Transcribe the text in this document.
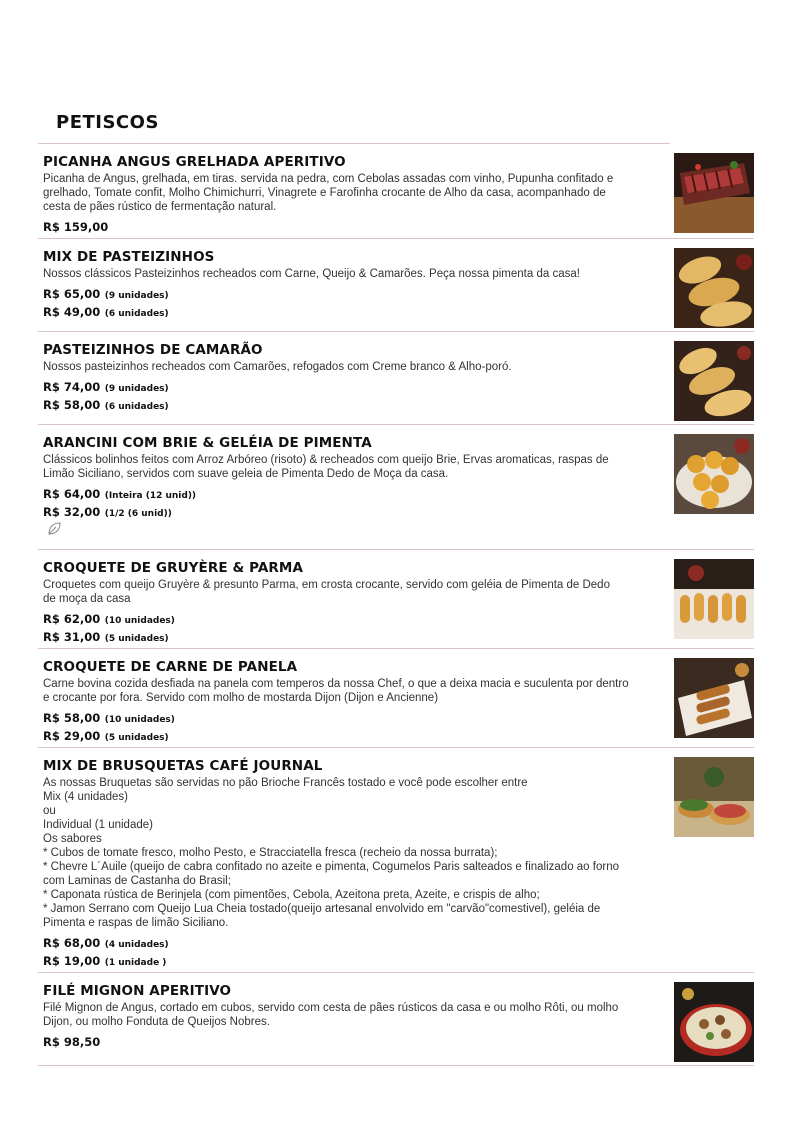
PETISCOS
PICANHA ANGUS GRELHADA APERITIVO
Picanha de Angus, grelhada, em tiras. servida na pedra, com Cebolas assadas com vinho, Pupunha confitado e
grelhado, Tomate confit, Molho Chimichurri, Vinagrete e Farofinha crocante de Alho da casa, acompanhado de
cesta de pães rústico de fermentação natural.
R$ 159,00
MIX DE PASTEIZINHOS
Nossos clássicos Pasteizinhos recheados com Carne, Queijo & Camarões. Peça nossa pimenta da casa!
R$ 65,00 (9 unidades)
R$ 49,00 (6 unidades)
PASTEIZINHOS DE CAMARÃO
Nossos pasteizinhos recheados com Camarões, refogados com Creme branco & Alho-poró.
R$ 74,00 (9 unidades)
R$ 58,00 (6 unidades)
ARANCINI COM BRIE & GELÉIA DE PIMENTA
Clássicos bolinhos feitos com Arroz Arbóreo (risoto) & recheados com queijo Brie, Ervas aromaticas, raspas de
Limão Siciliano, servidos com suave geleia de Pimenta Dedo de Moça da casa.
R$ 64,00 (Inteira (12 unid))
R$ 32,00 (1/2 (6 unid))
CROQUETE DE GRUYÈRE & PARMA
Croquetes com queijo Gruyère & presunto Parma, em crosta crocante, servido com geléia de Pimenta de Dedo
de moça da casa
R$ 62,00 (10 unidades)
R$ 31,00 (5 unidades)
CROQUETE DE CARNE DE PANELA
Carne bovina cozida desfiada na panela com temperos da nossa Chef, o que a deixa macia e suculenta por dentro
e crocante por fora. Servido com molho de mostarda Dijon (Dijon e Ancienne)
R$ 58,00 (10 unidades)
R$ 29,00 (5 unidades)
MIX DE BRUSQUETAS CAFÉ JOURNAL
As nossas Bruquetas são servidas no pão Brioche Francês tostado e você pode escolher entre
Mix (4 unidades)
ou
Individual (1 unidade)
Os sabores
* Cubos de tomate fresco, molho Pesto, e Stracciatella fresca (recheio da nossa burrata);
* Chevre L´Auile (queijo de cabra confitado no azeite e pimenta, Cogumelos Paris salteados e finalizado ao forno
com Laminas de Castanha do Brasil;
* Caponata rústica de Berinjela (com pimentões, Cebola, Azeitona preta, Azeite, e crispis de alho;
* Jamon Serrano com Queijo Lua Cheia tostado(queijo artesanal envolvido em "carvão"comestivel), geléia de
Pimenta e raspas de limão Siciliano.
R$ 68,00 (4 unidades)
R$ 19,00 (1 unidade )
FILÉ MIGNON APERITIVO
Filé Mignon de Angus, cortado em cubos, servido com cesta de pães rústicos da casa e ou molho Rôti, ou molho
Dijon, ou molho Fonduta de Queijos Nobres.
R$ 98,50
